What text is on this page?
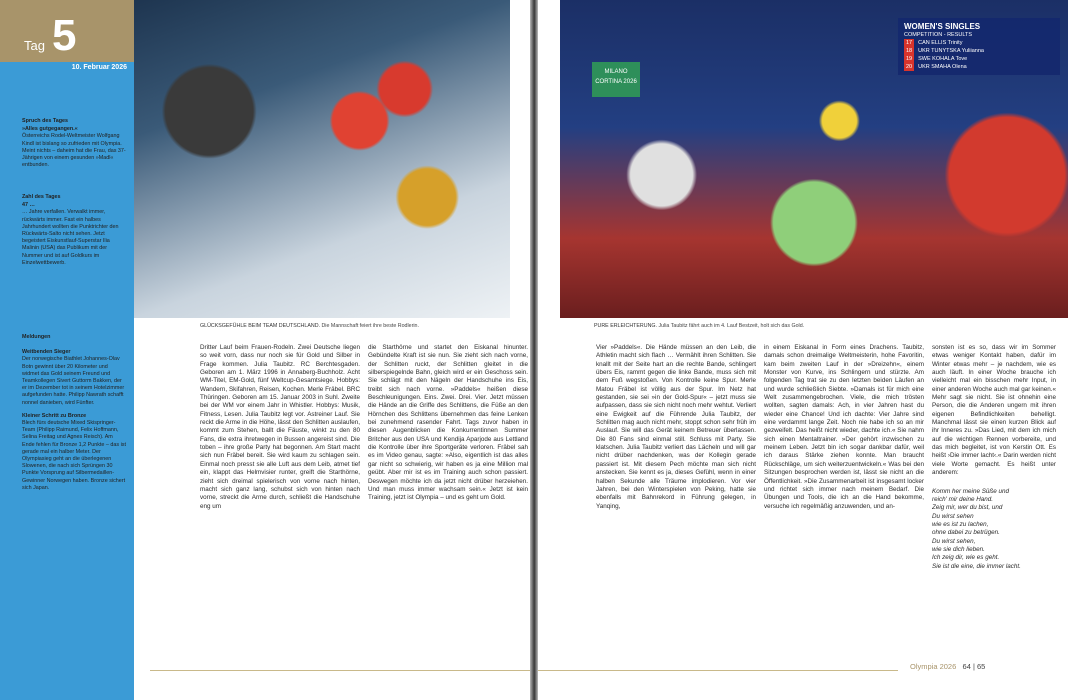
Tag 5
10. Februar 2026
Spruch des Tages
»Alles gutgegangen.«
Österreichs Rodel-Weltmeister Wolfgang Kindl ist bislang so zufrieden mit Olympia. Meint nichts – daheim hat die Frau, das 37-Jährigen von einem gesunden »Madl« entbunden.
Zahl des Tages
47 …
… Jahre verfallen. Verwalkt immer, rückwärts immer. Fast ein halbes Jahrhundert wollten die Punktrichter den Rückwärts-Salto nicht sehen. Jetzt begeistert Eiskunstlauf-Superstar Ilia Malinin (USA) das Publikum mit der Nummer und ist auf Goldkurs im Einzelwettbewerb.
Meldungen
Weitbenden Sieger
Der norwegische Biathlet Johannes-Olav Botn gewinnt über 20 Kilometer und widmet das Gold seinem Freund und Teamkollegen Sivert Guttorm Bakken, der er im Dezember tot in seinem Hotelzimmer aufgefunden hatte. Philipp Nawrath schafft nonnel danieben, wird Fünfter.
Kleiner Schritt zu Bronze
Blech fürs deutsche Mixed Skispringer-Team (Philipp Raimund, Felix Hoffmann, Selina Freitag und Agnes Reisch). Am Ende fehlen für Bronze 1,2 Punkte – das ist gerade mal ein halber Meter. Der Olympiasieg geht an die überlegenen Slowenen, die nach sich Sprüngen 30 Punkte Vorsprung auf Silbermedaillen-Gewinner Norwegen haben. Bronze sichert sich Japan.
GLÜCKSGEFÜHLE BEIM TEAM DEUTSCHLAND. Die Mannschaft feiert ihre beste Rodlerin.

Dritter Lauf beim Frauen-Rodeln. Zwei Deutsche liegen so weit vorn, dass nur noch sie für Gold und Silber in Frage kommen. Julia Taubitz. RC Berchtesgaden. Geboren am 1. März 1996 in Annaberg-Buchholz. Acht WM-Titel, EM-Gold, fünf Weltcup-Gesamtsiege. Hobbys: Wandern, Skifahren, Reisen, Kochen. Merle Fräbel. BRC Thüringen. Geboren am 15. Januar 2003 in Suhl. Zweite bei der WM vor einem Jahr in Whistler. Hobbys: Musik, Fitness, Lesen. Julia Taubitz legt vor. Astreiner Lauf. Sie reckt die Arme in die Höhe, lässt den Schlitten auslaufen, kommt zum Stehen, ballt die Fäuste, winkt zu den 80 Fans, die extra ihretwegen in Bussen angereist sind. Die toben – ihre große Party hat begonnen. Am Start macht sich nun Fräbel bereit. Sie wird kaum zu schlagen sein. Einmal noch presst sie alle Luft aus dem Leib, atmet tief ein, klappt das Helmvisier runter, greift die Starthörne, zieht sich dreimal spielerisch von vorne nach hinten, macht sich ganz lang, schubst sich von hinten nach vorne, streckt die Arme durch, schließt die Handschuhe eng um

die Starthörne und startet den Eiskanal hinunter. Gebündelte Kraft ist sie nun. Sie zieht sich nach vorne, der Schlitten ruckt, der Schlitten gleitet in die silberspiegelnde Bahn, gleich wird er ein Geschoss sein. Sie schlägt mit den Nägeln der Handschuhe ins Eis, treibt sich nach vorne. »Paddels« heißen diese Beschleunigungen. Eins. Zwei. Drei. Vier. Jetzt müssen die Hände an die Griffe des Schlittens, die Füße an den Hörnchen des Schlittens übernehmen das feine Lenken bei zunehmend rasender Fahrt. Tags zuvor haben in diesen Augenblicken die Konkurrentinnen Summer Britcher aus den USA und Kendija Aparjode aus Lettland die Kontrolle über ihre Sportgeräte verloren. Fräbel sah es im Video genau, sagte: »Also, eigentlich ist das alles gar nicht so schwierig, wir haben es ja eine Million mal geübt. Aber mir ist es im Training auch schon passiert. Deswegen möchte ich da jetzt nicht drüber herzeiehen. Und man muss immer wachsam sein.« Jetzt ist kein Training, jetzt ist Olympia – und es geht um Gold.

MILANO CORTINA 2026
WOMEN'S SINGLES
COMPETITION - RESULTS
17	CAN ELLIS Trinity
18	UKR TUNYTSKA Yuliianna
19	SWE KOHALA Tove
20	UKR SMAHA Olena
PURE ERLEICHTERUNG. Julia Taubitz fährt auch im 4. Lauf Bestzeit, holt sich das Gold.

Vier »Paddels«. Die Hände müssen an den Leib, die Athletin macht sich flach … Vermählt ihren Schlitten. Sie knallt mit der Seite hart an die rechte Bande, schlingert übers Eis, rammt gegen die linke Bande, muss sich mit dem Fuß wegstoßen. Von Kontrolle keine Spur. Merle Matou Fräbel ist völlig aus der Spur. Im Netz hat gestanden, sie sei »in der Gold-Spur« – jetzt muss sie aufpassen, dass sie sich nicht noch mehr wehtut. Verliert eine Ewigkeit auf die Führende Julia Taubitz, der Schlitten mag auch nicht mehr, stoppt schon sehr früh im Auslauf. Sie will das Gerät keinem Betreuer überlassen. Die 80 Fans sind einmal still. Schluss mit Party. Sie klatschen. Julia Taubitz verliert das Lächeln und will gar nicht drüber nachdenken, was der Kollegin gerade passiert ist. Mit diesem Pech möchte man sich nicht anstecken. Sie kennt es ja, dieses Gefühl, wenn in einer halben Sekunde alle Träume implodieren. Vor vier Jahren, bei den Winterspielen von Peking, hatte sie ebenfalls mit Bahnrekord in Führung gelegen, in Yanqing,

in einem Eiskanal in Form eines Drachens. Taubitz, damals schon dreimalige Weltmeisterin, hohe Favoritin, kam beim zweiten Lauf in der »Dreizehn«, einem Monster von Kurve, ins Schlingern und stürzte. Am folgenden Tag trat sie zu den letzten beiden Läufen an und wurde schließlich Siebte. »Damals ist für mich eine Welt zusammengebrochen. Viele, die mich trösten wollten, sagten damals: Ach, in vier Jahren hast du wieder eine Chance! Und ich dachte: Vier Jahre sind eine verdammt lange Zeit. Noch nie habe ich so an mir gezweifelt. Das heißt nicht wieder, dachte ich.« Sie nahm sich einen Mentaltrainer. »Der gehört inzwischen zu meinem Leben. Jetzt bin ich sogar dankbar dafür, weil ich daraus Stärke ziehen konnte. Man braucht Rückschläge, um sich weiterzuentwickeln.« Was bei den Sitzungen besprochen werden ist, lässt sie nicht an die Öffentlichkeit. »Die Zusammenarbeit ist insgesamt locker und richtet sich immer nach meinem Bedarf. Die Übungen und Tools, die ich an die Hand bekomme, versuche ich regelmäßig anzuwenden, und an-

sonsten ist es so, dass wir im Sommer etwas weniger Kontakt haben, dafür im Winter etwas mehr – je nachdem, wie es auch läuft. In einer Woche brauche ich vielleicht mal ein bisschen mehr Input, in einer anderen Woche auch mal gar keinen.« Mehr sagt sie nicht. Sie ist ohnehin eine Person, die die Anderen ungern mit ihren eigenen Befindlichkeiten behelligt. Manchmal lässt sie einen kurzen Blick auf ihr Inneres zu. »Das Lied, mit dem ich mich auf die wichtigen Rennen vorbereite, und das mich begleitet, ist von Kerstin Ott. Es heißt ›Die immer lacht‹.« Darin werden nicht viele Worte gemacht. Es heißt unter anderem:

Komm her meine Süße und
reich' mir deine Hand.
Zeig mir, wer du bist, und
Du wirst sehen
wie es ist zu lachen,
ohne dabei zu betrügen.
Du wirst sehen,
wie sie dich lieben.
Ich zeig dir, wie es geht.
Sie ist die eine, die immer lacht.

Olympia 2026 64 | 65
